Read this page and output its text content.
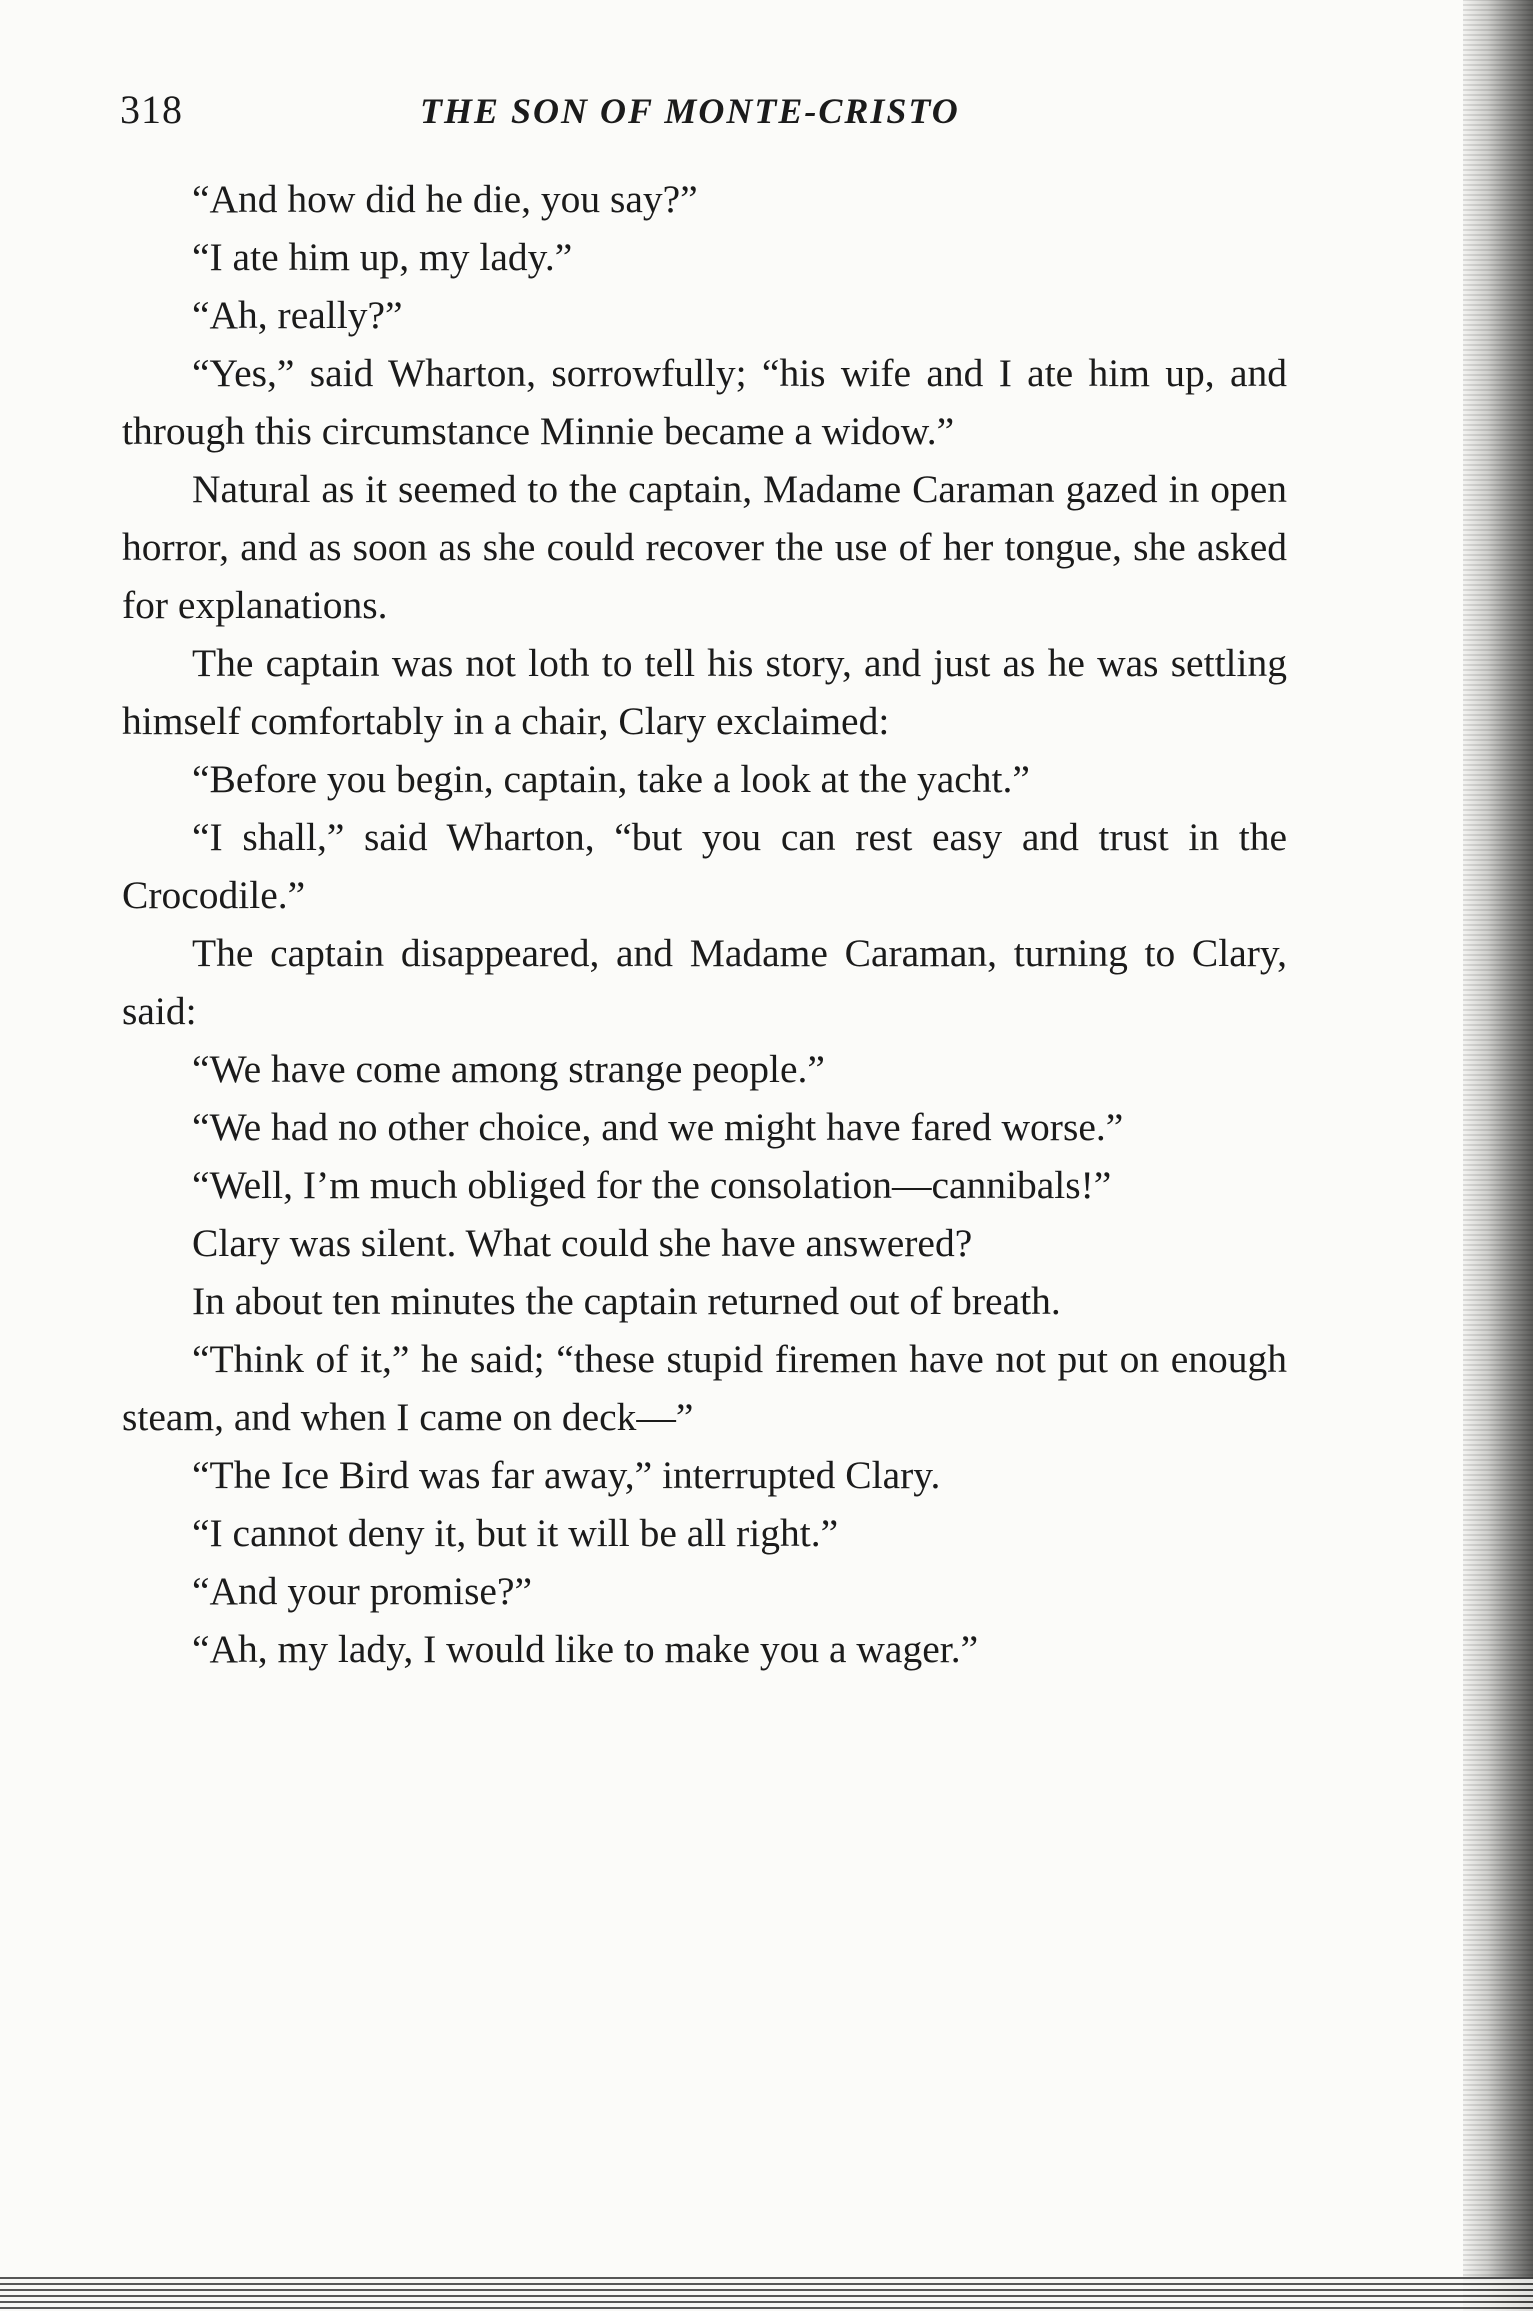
318	THE SON OF MONTE-CRISTO

“And how did he die, you say?”

“I ate him up, my lady.”

“Ah, really?”

“Yes,” said Wharton, sorrowfully; “his wife and I ate him up, and through this circumstance Minnie became a widow.”

Natural as it seemed to the captain, Madame Caraman gazed in open horror, and as soon as she could recover the use of her tongue, she asked for explanations.

The captain was not loth to tell his story, and just as he was settling himself comfortably in a chair, Clary exclaimed:

“Before you begin, captain, take a look at the yacht.”

“I shall,” said Wharton, “but you can rest easy and trust in the Crocodile.”

The captain disappeared, and Madame Caraman, turning to Clary, said:

“We have come among strange people.”

“We had no other choice, and we might have fared worse.”

“Well, I’m much obliged for the consolation—cannibals!”

Clary was silent. What could she have answered?

In about ten minutes the captain returned out of breath.

“Think of it,” he said; “these stupid firemen have not put on enough steam, and when I came on deck—”

“The Ice Bird was far away,” interrupted Clary.

“I cannot deny it, but it will be all right.”

“And your promise?”

“Ah, my lady, I would like to make you a wager.”
